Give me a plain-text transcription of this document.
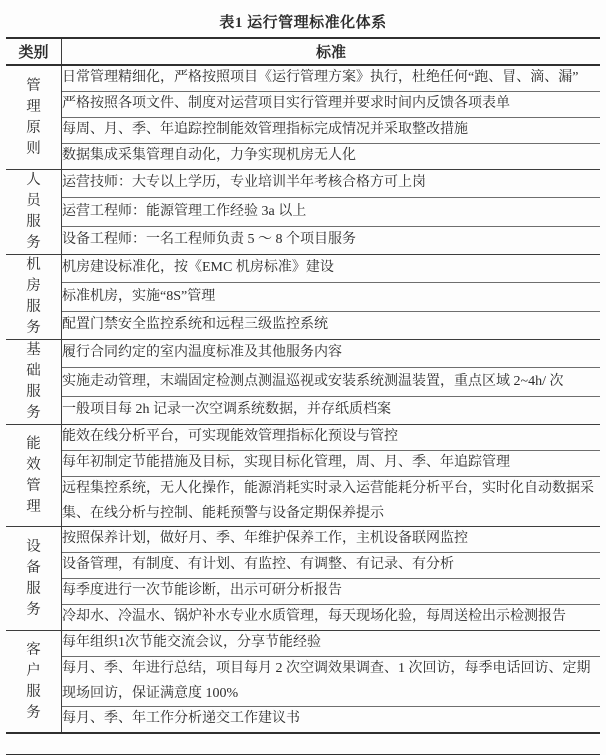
表1 运行管理标准化体系
类别	标准
管理原则	日常管理精细化，严格按照项目《运行管理方案》执行，杜绝任何“跑、冒、滴、漏”
	严格按照各项文件、制度对运营项目实行管理并要求时间内反馈各项表单
	每周、月、季、年追踪控制能效管理指标完成情况并采取整改措施
	数据集成采集管理自动化，力争实现机房无人化
人员服务	运营技师：大专以上学历，专业培训半年考核合格方可上岗
	运营工程师：能源管理工作经验 3a 以上
	设备工程师：一名工程师负责 5 ～ 8 个项目服务
机房服务	机房建设标准化，按《EMC 机房标准》建设
	标准机房，实施“8S”管理
	配置门禁安全监控系统和远程三级监控系统
基础服务	履行合同约定的室内温度标准及其他服务内容
	实施走动管理，末端固定检测点测温巡视或安装系统测温装置，重点区域 2~4h/ 次
	一般项目每 2h 记录一次空调系统数据，并存纸质档案
能效管理	能效在线分析平台，可实现能效管理指标化预设与管控
	每年初制定节能措施及目标，实现目标化管理，周、月、季、年追踪管理
	远程集控系统，无人化操作，能源消耗实时录入运营能耗分析平台，实时化自动数据采集、在线分析与控制、能耗预警与设备定期保养提示
设备服务	按照保养计划，做好月、季、年维护保养工作，主机设备联网监控
	设备管理，有制度、有计划、有监控、有调整、有记录、有分析
	每季度进行一次节能诊断，出示可研分析报告
	冷却水、冷温水、锅炉补水专业水质管理，每天现场化验，每周送检出示检测报告
客户服务	每年组织1次节能交流会议，分享节能经验
	每月、季、年进行总结，项目每月 2 次空调效果调查、1 次回访，每季电话回访、定期现场回访，保证满意度 100%
	每月、季、年工作分析递交工作建议书
